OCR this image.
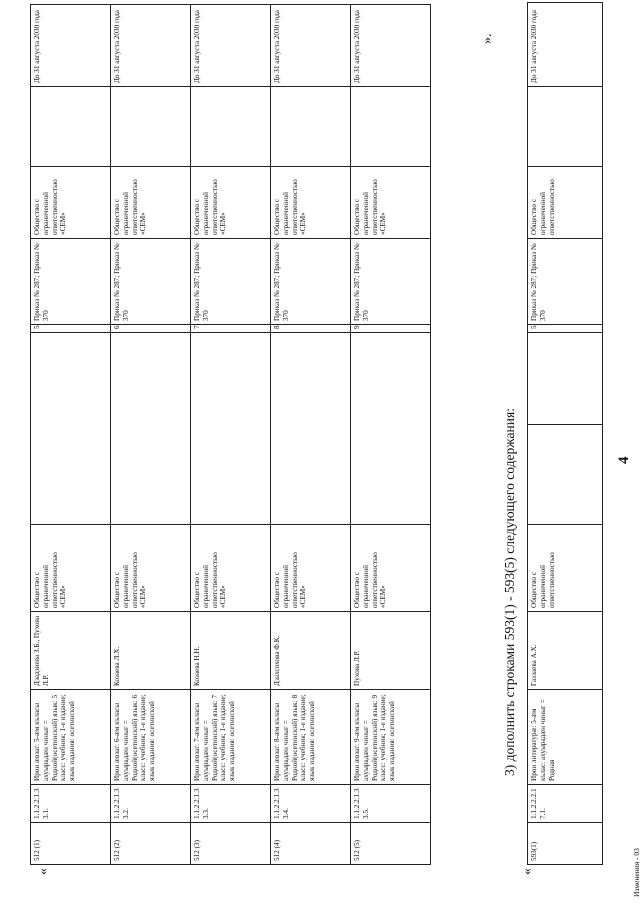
4
«
512 (1)	1.1.2.2.1.33.1.	Ирон æвзаг: 5-æм къласы ахуырадæн чиныг = Родной(осетинский) язык: 5 класс: учебник; 1-е издание; язык издания: осетинский	Дзадзиева З.Б., Пухова Л.Р.	Общество с ограниченной ответственностью «СЕМ»		5	Приказ № 287; Приказ № 370	Общество с ограниченной ответственностью «СЕМ»		До 31 августа 2030 года
512 (2)	1.1.2.2.1.33.2.	Ирон æвзаг: 6-æм къласы ахуырадæн чиныг = Родной(осетинский) язык: 6 класс: учебник; 1-е издание; язык издания: осетинский	Козаева Л.Х.	Общество с ограниченной ответственностью «СЕМ»		6	Приказ № 287; Приказ № 370	Общество с ограниченной ответственностью «СЕМ»		До 31 августа 2030 года
512 (3)	1.1.2.2.1.33.3.	Ирон æвзаг: 7-æм къласы ахуырадæн чиныг = Родной(осетинский) язык: 7 класс: учебник; 1-е издание; язык издания: осетинский	Козаева Н.Н.	Общество с ограниченной ответственностью «СЕМ»		7	Приказ № 287; Приказ № 370	Общество с ограниченной ответственностью «СЕМ»		До 31 августа 2030 года
512 (4)	1.1.2.2.1.33.4.	Ирон æвзаг: 8-æм къласы ахуырадæн чиныг = Родной(осетинский) язык: 8 класс: учебник; 1-е издание; язык издания: осетинский	Дзахсохова Ф.К.	Общество с ограниченной ответственностью «СЕМ»		8	Приказ № 287; Приказ № 370	Общество с ограниченной ответственностью «СЕМ»		До 31 августа 2030 года
512 (5)	1.1.2.2.1.33.5.	Ирон æвзаг: 9-æм къласы ахуырадæн чиныг = Родной(осетинский) язык: 9 класс: учебник; 1-е издание; язык издания: осетинский	Пухова Л.Р.	Общество с ограниченной ответственностью «СЕМ»		9	Приказ № 287; Приказ № 370	Общество с ограниченной ответственностью «СЕМ»		До 31 августа 2030 года	».
3) дополнить строками 593(1) - 593(5) следующего содержания:
«
593(1)	1.1.2.2.2.17.1.	Ирон литературæ: 5-æм кълас: ахуырадæн чиныг = Родная	Газзаева А.Х.	Общество с ограниченной ответственностью			5	Приказ № 287; Приказ № 370	Общество с ограниченной ответственностью		До 31 августа 2030 года
Изменения - 03
